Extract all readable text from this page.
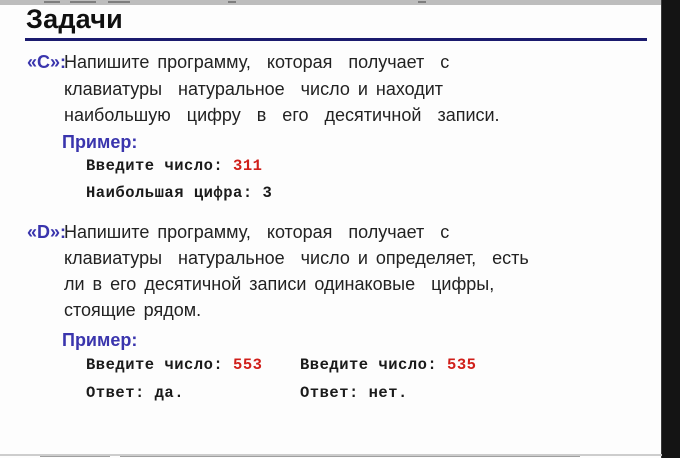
Задачи
«C»:
Напишите программу,  которая  получает  с
клавиатуры  натуральное  число и находит
наибольшую  цифру  в  его  десятичной  записи.
Пример:
Введите число: 311
Наибольшая цифра: 3
«D»:
Напишите программу,  которая  получает  с
клавиатуры  натуральное  число и определяет,  есть
ли в его десятичной записи одинаковые  цифры,
стоящие рядом.
Пример:
Введите число: 553 Введите число: 535
Ответ: да.	Ответ: нет.
